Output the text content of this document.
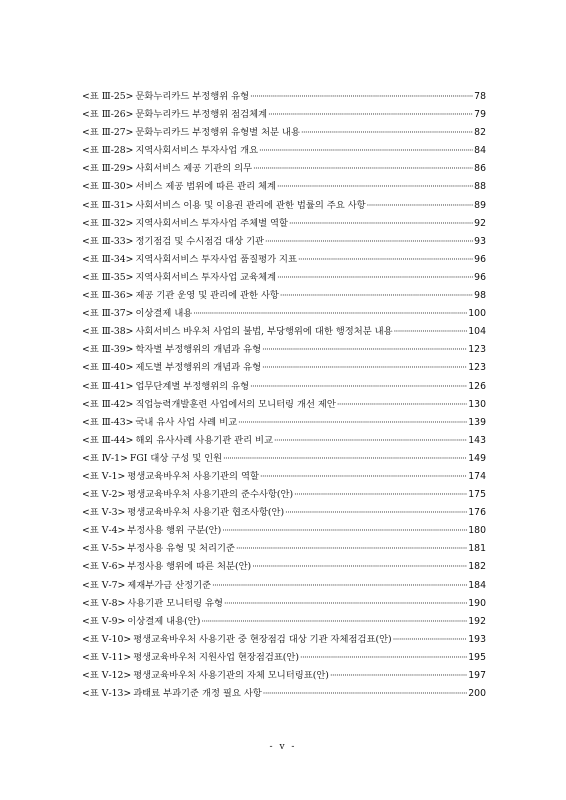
<표 Ⅲ-25> 문화누리카드 부정행위 유형 ·····	78
<표 Ⅲ-26> 문화누리카드 부정행위 점검체계 ·····	79
<표 Ⅲ-27> 문화누리카드 부정행위 유형별 처분 내용 ·····	82
<표 Ⅲ-28> 지역사회서비스 투자사업 개요 ·····	84
<표 Ⅲ-29> 사회서비스 제공 기관의 의무 ·····	86
<표 Ⅲ-30> 서비스 제공 범위에 따른 관리 체계 ·····	88
<표 Ⅲ-31> 사회서비스 이용 및 이용권 관리에 관한 법률의 주요 사항 ·····	89
<표 Ⅲ-32> 지역사회서비스 투자사업 주체별 역할 ·····	92
<표 Ⅲ-33> 정기점검 및 수시점검 대상 기관 ·····	93
<표 Ⅲ-34> 지역사회서비스 투자사업 품질평가 지표 ·····	96
<표 Ⅲ-35> 지역사회서비스 투자사업 교육체계 ·····	96
<표 Ⅲ-36> 제공 기관 운영 및 관리에 관한 사항 ·····	98
<표 Ⅲ-37> 이상결제 내용 ·····	100
<표 Ⅲ-38> 사회서비스 바우처 사업의 불법, 부당행위에 대한 행정처분 내용 ·····	104
<표 Ⅲ-39> 학자별 부정행위의 개념과 유형 ·····	123
<표 Ⅲ-40> 제도별 부정행위의 개념과 유형 ·····	123
<표 Ⅲ-41> 업무단계별 부정행위의 유형 ·····	126
<표 Ⅲ-42> 직업능력개발훈련 사업에서의 모니터링 개선 제안 ·····	130
<표 Ⅲ-43> 국내 유사 사업 사례 비교 ·····	139
<표 Ⅲ-44> 해외 유사사례 사용기관 관리 비교 ·····	143
<표 Ⅳ-1> FGI 대상 구성 및 인원 ·····	149
<표 Ⅴ-1> 평생교육바우처 사용기관의 역할 ·····	174
<표 Ⅴ-2> 평생교육바우처 사용기관의 준수사항(안) ·····	175
<표 Ⅴ-3> 평생교육바우처 사용기관 협조사항(안) ·····	176
<표 Ⅴ-4> 부정사용 행위 구분(안) ·····	180
<표 Ⅴ-5> 부정사용 유형 및 처리기준 ·····	181
<표 Ⅴ-6> 부정사용 행위에 따른 처분(안) ·····	182
<표 Ⅴ-7> 제재부가금 산정기준 ·····	184
<표 Ⅴ-8> 사용기관 모니터링 유형 ·····	190
<표 Ⅴ-9> 이상결제 내용(안) ·····	192
<표 Ⅴ-10> 평생교육바우처 사용기관 중 현장점검 대상 기관 자체점검표(안) ·····	193
<표 Ⅴ-11> 평생교육바우처 지원사업 현장점검표(안) ·····	195
<표 Ⅴ-12> 평생교육바우처 사용기관의 자체 모니터링표(안) ·····	197
<표 Ⅴ-13> 과태료 부과기준 개정 필요 사항 ·····	200
- v -
